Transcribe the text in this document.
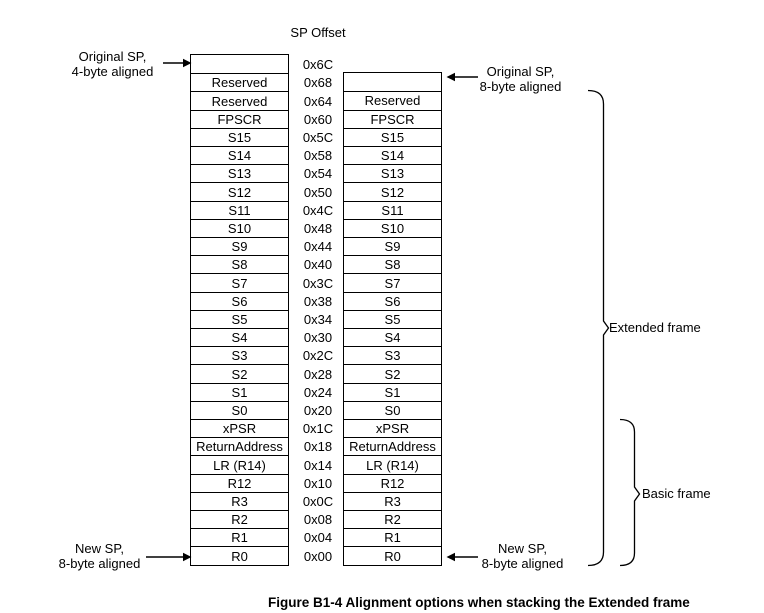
SP Offset
Reserved
Reserved
FPSCR
S15
S14
S13
S12
S11
S10
S9
S8
S7
S6
S5
S4
S3
S2
S1
S0
xPSR
ReturnAddress
LR (R14)
R12
R3
R2
R1
R0
0x6C
0x68
0x64
0x60
0x5C
0x58
0x54
0x50
0x4C
0x48
0x44
0x40
0x3C
0x38
0x34
0x30
0x2C
0x28
0x24
0x20
0x1C
0x18
0x14
0x10
0x0C
0x08
0x04
0x00
Reserved
FPSCR
S15
S14
S13
S12
S11
S10
S9
S8
S7
S6
S5
S4
S3
S2
S1
S0
xPSR
ReturnAddress
LR (R14)
R12
R3
R2
R1
R0
Original SP,
4-byte aligned	Original SP,
8-byte aligned
New SP,
8-byte aligned
New SP,
8-byte aligned
Extended frame
Basic frame
Figure B1-4 Alignment options when stacking the Extended frame
